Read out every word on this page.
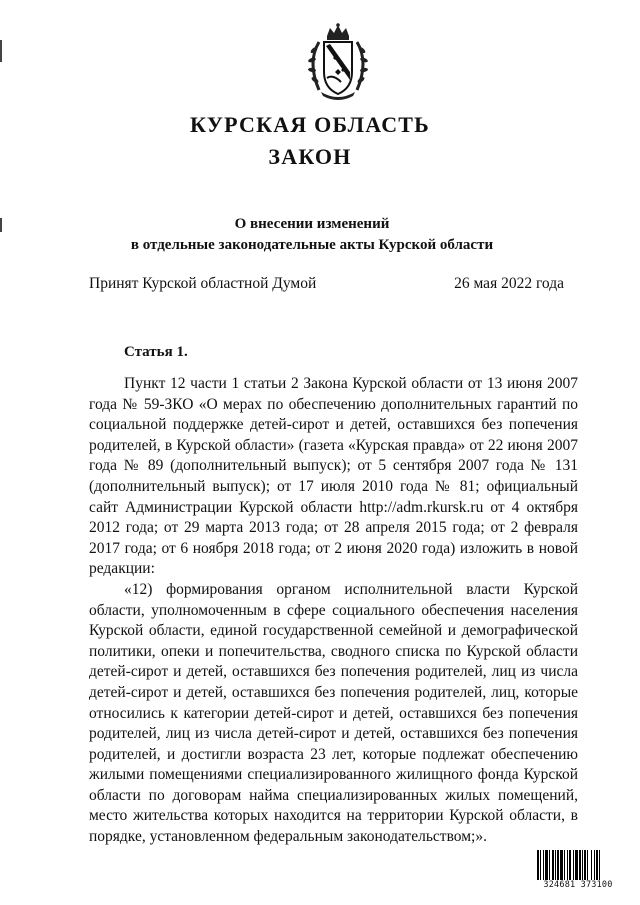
КУРСКАЯ ОБЛАСТЬ
ЗАКОН
О внесении изменений
в отдельные законодательные акты Курской области
Принят Курской областной Думой	26 мая 2022 года
Статья 1.

Пункт 12 части 1 статьи 2 Закона Курской области от 13 июня 2007 года № 59-ЗКО «О мерах по обеспечению дополнительных гарантий по социальной поддержке детей-сирот и детей, оставшихся без попечения родителей, в Курской области» (газета «Курская правда» от 22 июня 2007 года № 89 (дополнительный выпуск); от 5 сентября 2007 года № 131 (дополнительный выпуск); от 17 июля 2010 года № 81; официальный сайт Администрации Курской области http://adm.rkursk.ru от 4 октября 2012 года; от 29 марта 2013 года; от 28 апреля 2015 года; от 2 февраля 2017 года; от 6 ноября 2018 года; от 2 июня 2020 года) изложить в новой редакции:

«12) формирования органом исполнительной власти Курской области, уполномоченным в сфере социального обеспечения населения Курской области, единой государственной семейной и демографической политики, опеки и попечительства, сводного списка по Курской области детей-сирот и детей, оставшихся без попечения родителей, лиц из числа детей-сирот и детей, оставшихся без попечения родителей, лиц, которые относились к категории детей-сирот и детей, оставшихся без попечения родителей, лиц из числа детей-сирот и детей, оставшихся без попечения родителей, и достигли возраста 23 лет, которые подлежат обеспечению жилыми помещениями специализированного жилищного фонда Курской области по договорам найма специализированных жилых помещений, место жительства которых находится на территории Курской области, в порядке, установленном федеральным законодательством;».

324681 373100
